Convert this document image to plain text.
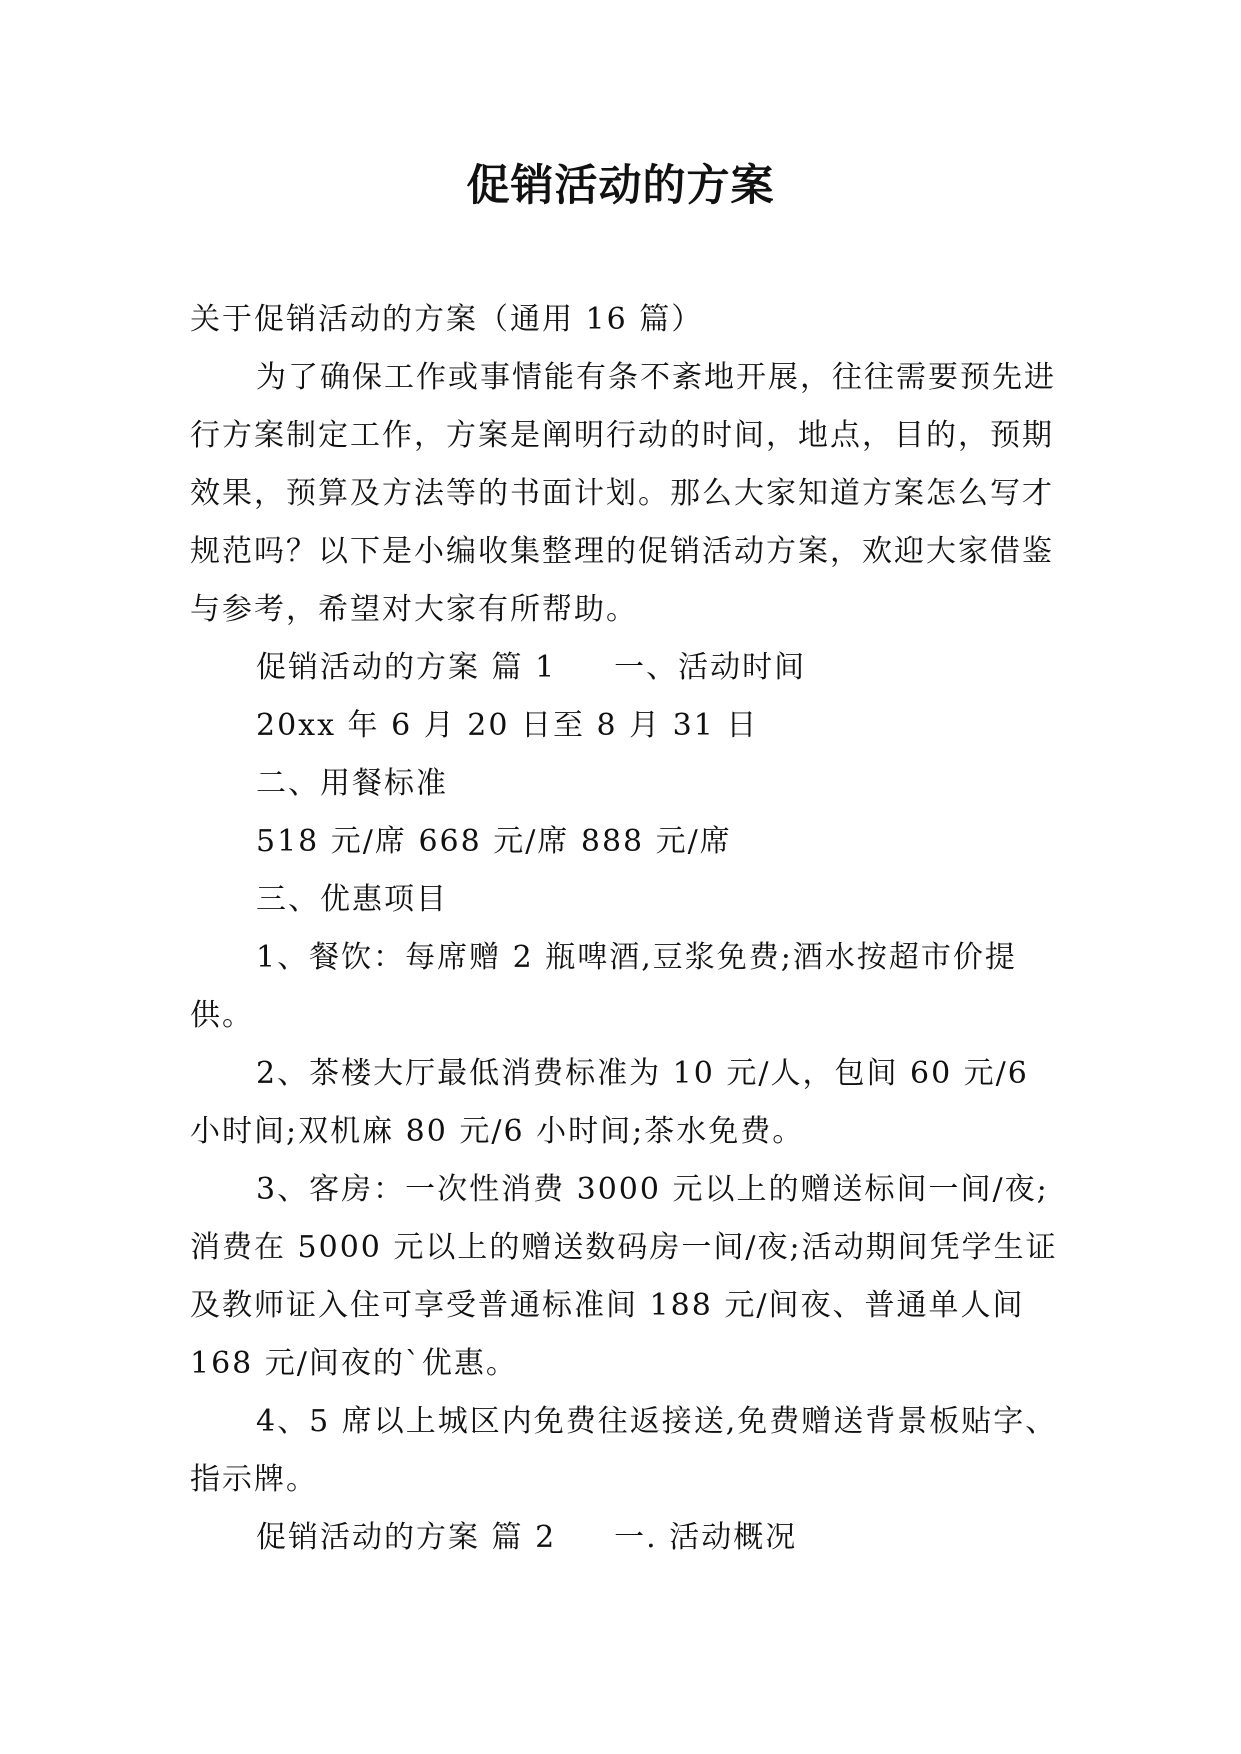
促销活动的方案

关于促销活动的方案（通用 16 篇）

为了确保工作或事情能有条不紊地开展，往往需要预先进行方案制定工作，方案是阐明行动的时间，地点，目的，预期效果，预算及方法等的书面计划。那么大家知道方案怎么写才规范吗？以下是小编收集整理的促销活动方案，欢迎大家借鉴与参考，希望对大家有所帮助。

促销活动的方案 篇 1 一、活动时间

20xx 年 6 月 20 日至 8 月 31 日

二、用餐标准

518 元/席 668 元/席 888 元/席

三、优惠项目

1、餐饮：每席赠 2 瓶啤酒,豆浆免费;酒水按超市价提供。

2、茶楼大厅最低消费标准为 10 元/人，包间 60 元/6 小时间;双机麻 80 元/6 小时间;茶水免费。

3、客房：一次性消费 3000 元以上的赠送标间一间/夜;消费在 5000 元以上的赠送数码房一间/夜;活动期间凭学生证及教师证入住可享受普通标准间 188 元/间夜、普通单人间 168 元/间夜的`优惠。

4、5 席以上城区内免费往返接送,免费赠送背景板贴字、指示牌。

促销活动的方案 篇 2 一. 活动概况
